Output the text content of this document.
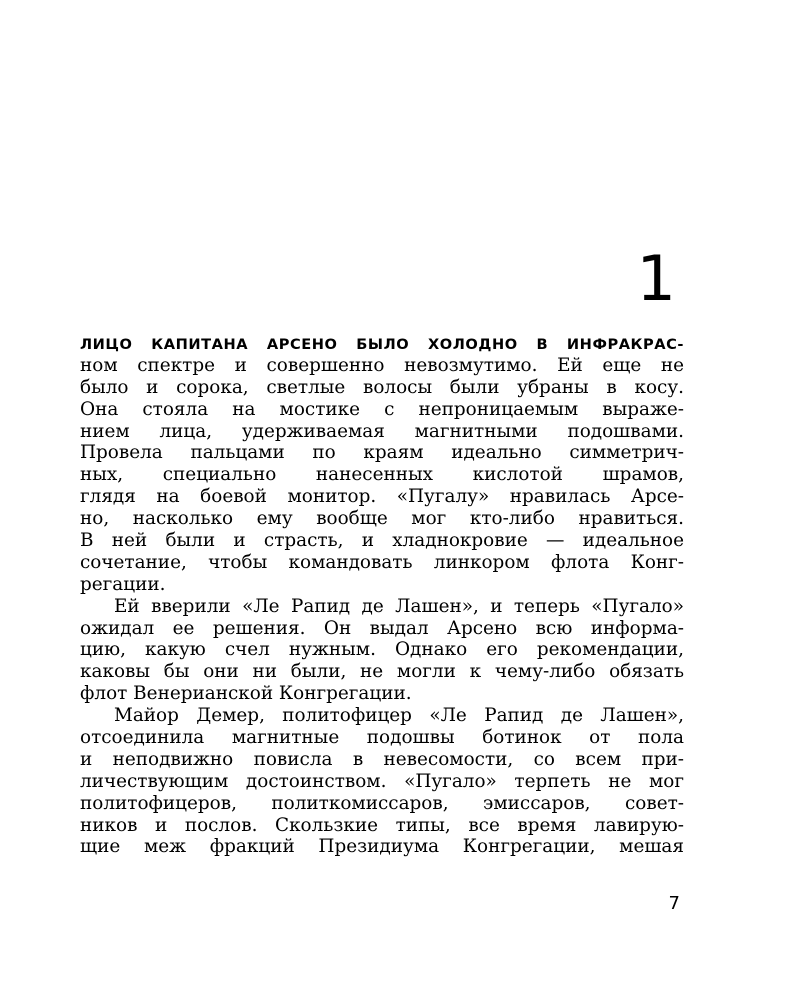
1
ЛИЦО КАПИТАНА АРСЕНО БЫЛО ХОЛОДНО В ИНФРАКРАС-
ном спектре и совершенно невозмутимо. Ей еще не
было и сорока, светлые волосы были убраны в косу.
Она стояла на мостике с непроницаемым выраже-
нием лица, удерживаемая магнитными подошвами.
Провела пальцами по краям идеально симметрич-
ных, специально нанесенных кислотой шрамов,
глядя на боевой монитор. «Пугалу» нравилась Арсе-
но, насколько ему вообще мог кто-либо нравиться.
В ней были и страсть, и хладнокровие — идеальное
сочетание, чтобы командовать линкором флота Конг-
регации.
Ей вверили «Ле Рапид де Лашен», и теперь «Пугало»
ожидал ее решения. Он выдал Арсено всю информа-
цию, какую счел нужным. Однако его рекомендации,
каковы бы они ни были, не могли к чему-либо обязать
флот Венерианской Конгрегации.
Майор Демер, политофицер «Ле Рапид де Лашен»,
отсоединила магнитные подошвы ботинок от пола
и неподвижно повисла в невесомости, со всем при-
личествующим достоинством. «Пугало» терпеть не мог
политофицеров, политкомиссаров, эмиссаров, совет-
ников и послов. Скользкие типы, все время лавирую-
щие меж фракций Президиума Конгрегации, мешая
7
